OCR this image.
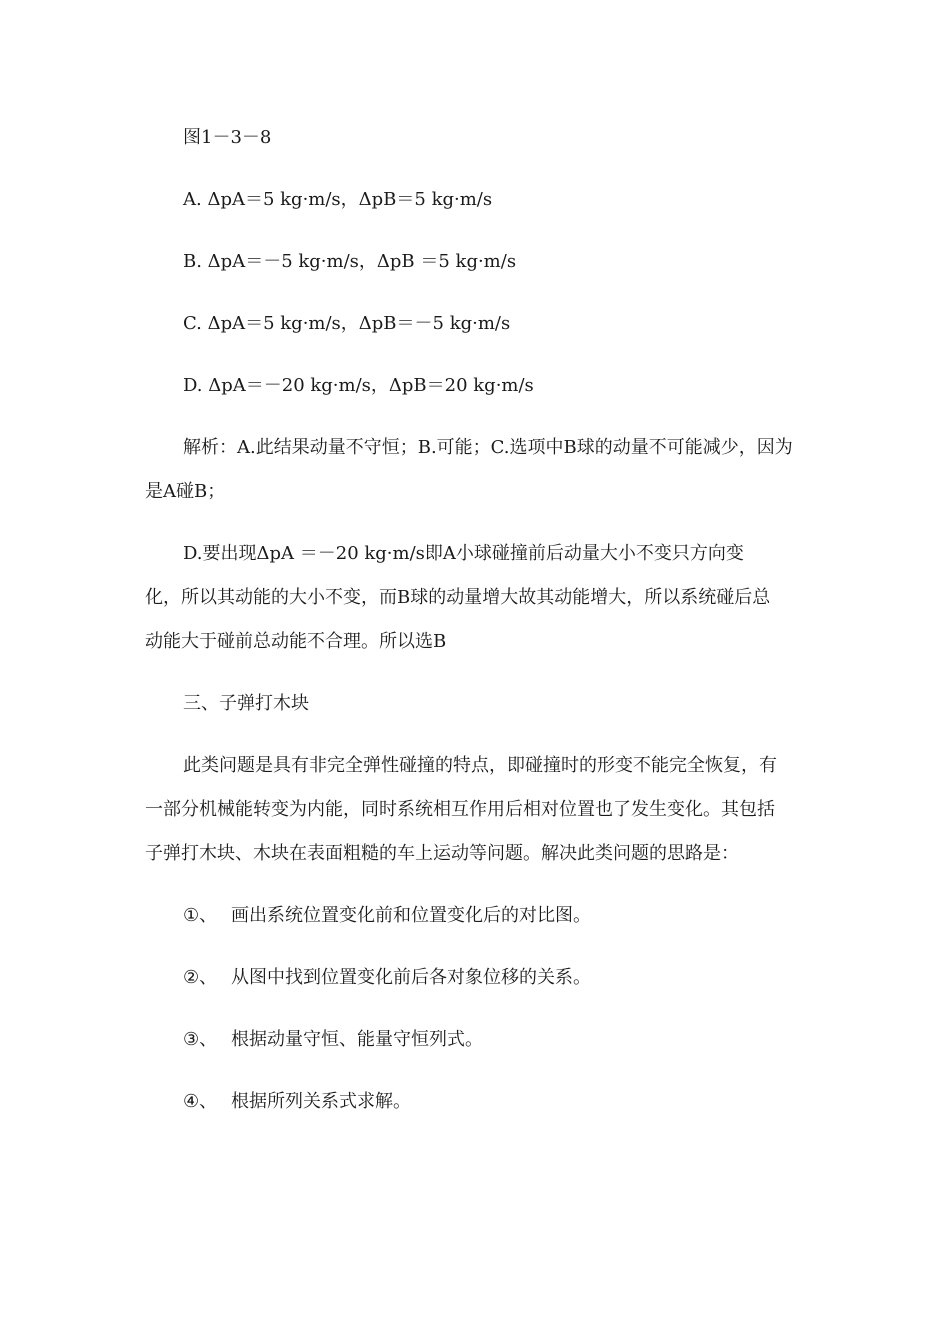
图1－3－8
A. ΔpA＝5 kg·m/s，ΔpB＝5 kg·m/s
B. ΔpA＝－5 kg·m/s，ΔpB ＝5 kg·m/s
C. ΔpA＝5 kg·m/s，ΔpB＝－5 kg·m/s
D. ΔpA＝－20 kg·m/s，ΔpB＝20 kg·m/s
解析：A.此结果动量不守恒；B.可能；C.选项中B球的动量不可能减少，因为
是A碰B；
D.要出现ΔpA ＝－20 kg·m/s即A小球碰撞前后动量大小不变只方向变
化，所以其动能的大小不变，而B球的动量增大故其动能增大，所以系统碰后总
动能大于碰前总动能不合理。所以选B
三、子弹打木块
此类问题是具有非完全弹性碰撞的特点，即碰撞时的形变不能完全恢复，有
一部分机械能转变为内能，同时系统相互作用后相对位置也了发生变化。其包括
子弹打木块、木块在表面粗糙的车上运动等问题。解决此类问题的思路是：
①、 画出系统位置变化前和位置变化后的对比图。
②、 从图中找到位置变化前后各对象位移的关系。
③、 根据动量守恒、能量守恒列式。
④、 根据所列关系式求解。
